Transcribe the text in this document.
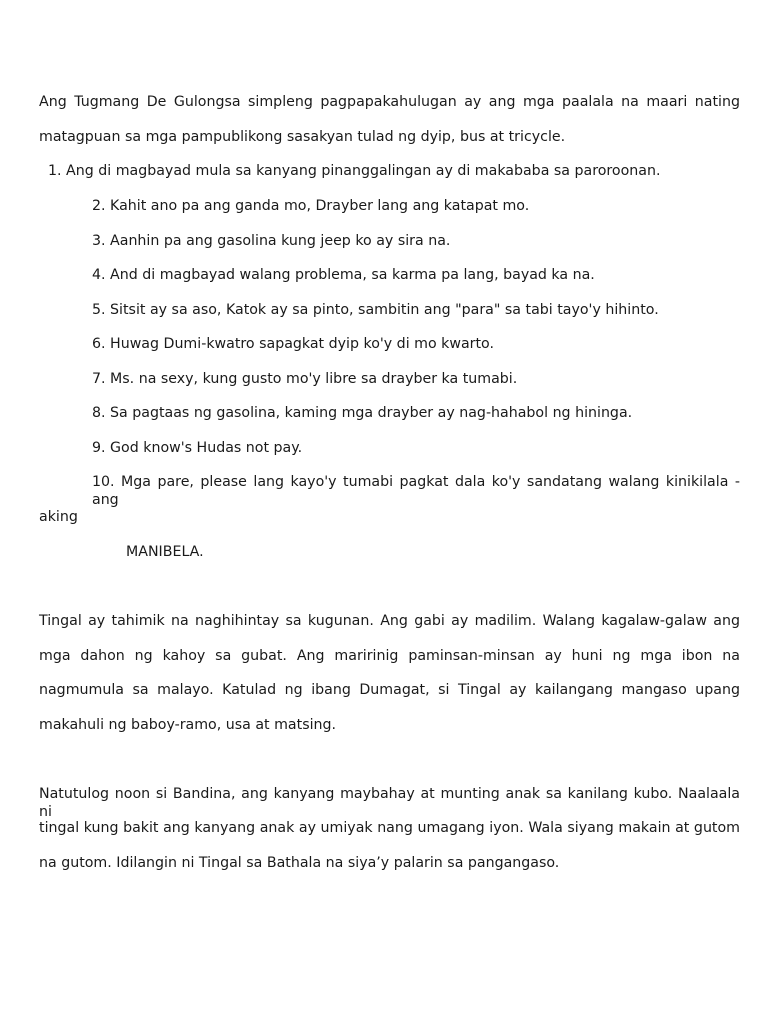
Ang Tugmang De Gulongsa simpleng pagpapakahulugan ay ang mga paalala na maari nating
matagpuan sa mga pampublikong sasakyan tulad ng dyip, bus at tricycle.
1. Ang di magbayad mula sa kanyang pinanggalingan ay di makababa sa paroroonan.
2. Kahit ano pa ang ganda mo, Drayber lang ang katapat mo.
3. Aanhin pa ang gasolina kung jeep ko ay sira na.
4. And di magbayad walang problema, sa karma pa lang, bayad ka na.
5. Sitsit ay sa aso, Katok ay sa pinto, sambitin ang "para" sa tabi tayo'y hihinto.
6. Huwag Dumi-kwatro sapagkat dyip ko'y di mo kwarto.
7. Ms. na sexy, kung gusto mo'y libre sa drayber ka tumabi.
8. Sa pagtaas ng gasolina, kaming mga drayber ay nag-hahabol ng hininga.
9. God know's Hudas not pay.
10. Mga pare, please lang kayo'y tumabi pagkat dala ko'y sandatang walang kinikilala - ang
aking
MANIBELA.
Tingal ay tahimik na naghihintay sa kugunan. Ang gabi ay madilim. Walang kagalaw-galaw ang
mga dahon ng kahoy sa gubat. Ang maririnig paminsan-minsan ay huni ng mga ibon na
nagmumula sa malayo. Katulad ng ibang Dumagat, si Tingal ay kailangang mangaso upang
makahuli ng baboy-ramo, usa at matsing.
Natutulog noon si Bandina, ang kanyang maybahay at munting anak sa kanilang kubo. Naalaala ni
tingal kung bakit ang kanyang anak ay umiyak nang umagang iyon. Wala siyang makain at gutom
na gutom. Idilangin ni Tingal sa Bathala na siya’y palarin sa pangangaso.
